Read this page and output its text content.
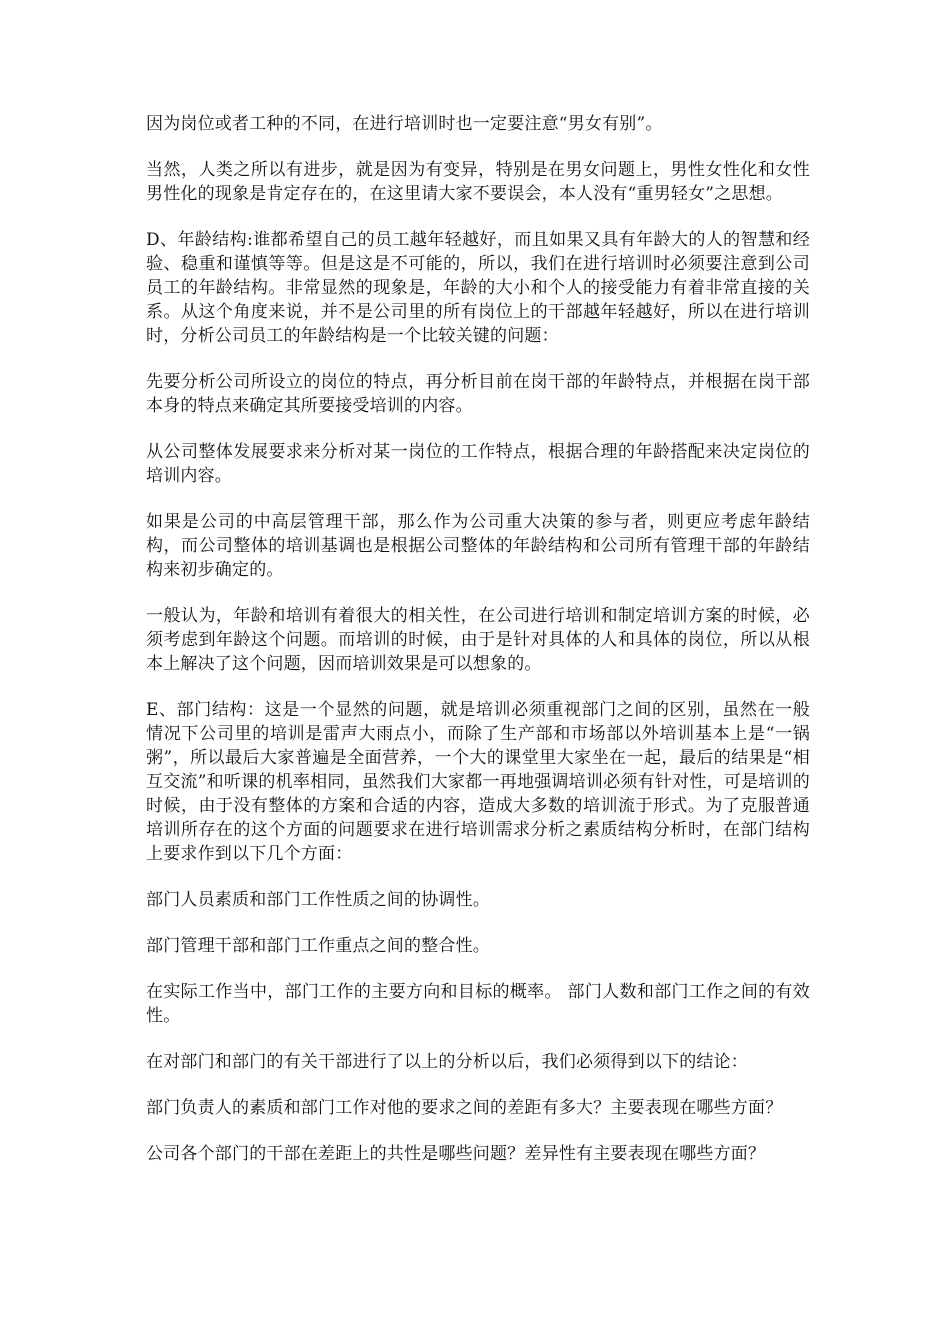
因为岗位或者工种的不同，在进行培训时也一定要注意“男女有别”。

当然，人类之所以有进步，就是因为有变异，特别是在男女问题上，男性女性化和女性男性化的现象是肯定存在的，在这里请大家不要误会，本人没有“重男轻女”之思想。

D、年龄结构:谁都希望自己的员工越年轻越好，而且如果又具有年龄大的人的智慧和经验、稳重和谨慎等等。但是这是不可能的，所以，我们在进行培训时必须要注意到公司员工的年龄结构。非常显然的现象是，年龄的大小和个人的接受能力有着非常直接的关系。从这个角度来说，并不是公司里的所有岗位上的干部越年轻越好，所以在进行培训时，分析公司员工的年龄结构是一个比较关键的问题：

先要分析公司所设立的岗位的特点，再分析目前在岗干部的年龄特点，并根据在岗干部本身的特点来确定其所要接受培训的内容。

从公司整体发展要求来分析对某一岗位的工作特点，根据合理的年龄搭配来决定岗位的培训内容。

如果是公司的中高层管理干部，那么作为公司重大决策的参与者，则更应考虑年龄结构，而公司整体的培训基调也是根据公司整体的年龄结构和公司所有管理干部的年龄结构来初步确定的。

一般认为，年龄和培训有着很大的相关性，在公司进行培训和制定培训方案的时候，必须考虑到年龄这个问题。而培训的时候，由于是针对具体的人和具体的岗位，所以从根本上解决了这个问题，因而培训效果是可以想象的。

E、部门结构：这是一个显然的问题，就是培训必须重视部门之间的区别，虽然在一般情况下公司里的培训是雷声大雨点小，而除了生产部和市场部以外培训基本上是“一锅粥”，所以最后大家普遍是全面营养，一个大的课堂里大家坐在一起，最后的结果是“相互交流”和听课的机率相同，虽然我们大家都一再地强调培训必须有针对性，可是培训的时候，由于没有整体的方案和合适的内容，造成大多数的培训流于形式。为了克服普通培训所存在的这个方面的问题要求在进行培训需求分析之素质结构分析时，在部门结构上要求作到以下几个方面：

部门人员素质和部门工作性质之间的协调性。

部门管理干部和部门工作重点之间的整合性。

在实际工作当中，部门工作的主要方向和目标的概率。 部门人数和部门工作之间的有效性。

在对部门和部门的有关干部进行了以上的分析以后，我们必须得到以下的结论：

部门负责人的素质和部门工作对他的要求之间的差距有多大？主要表现在哪些方面？

公司各个部门的干部在差距上的共性是哪些问题？差异性有主要表现在哪些方面？
